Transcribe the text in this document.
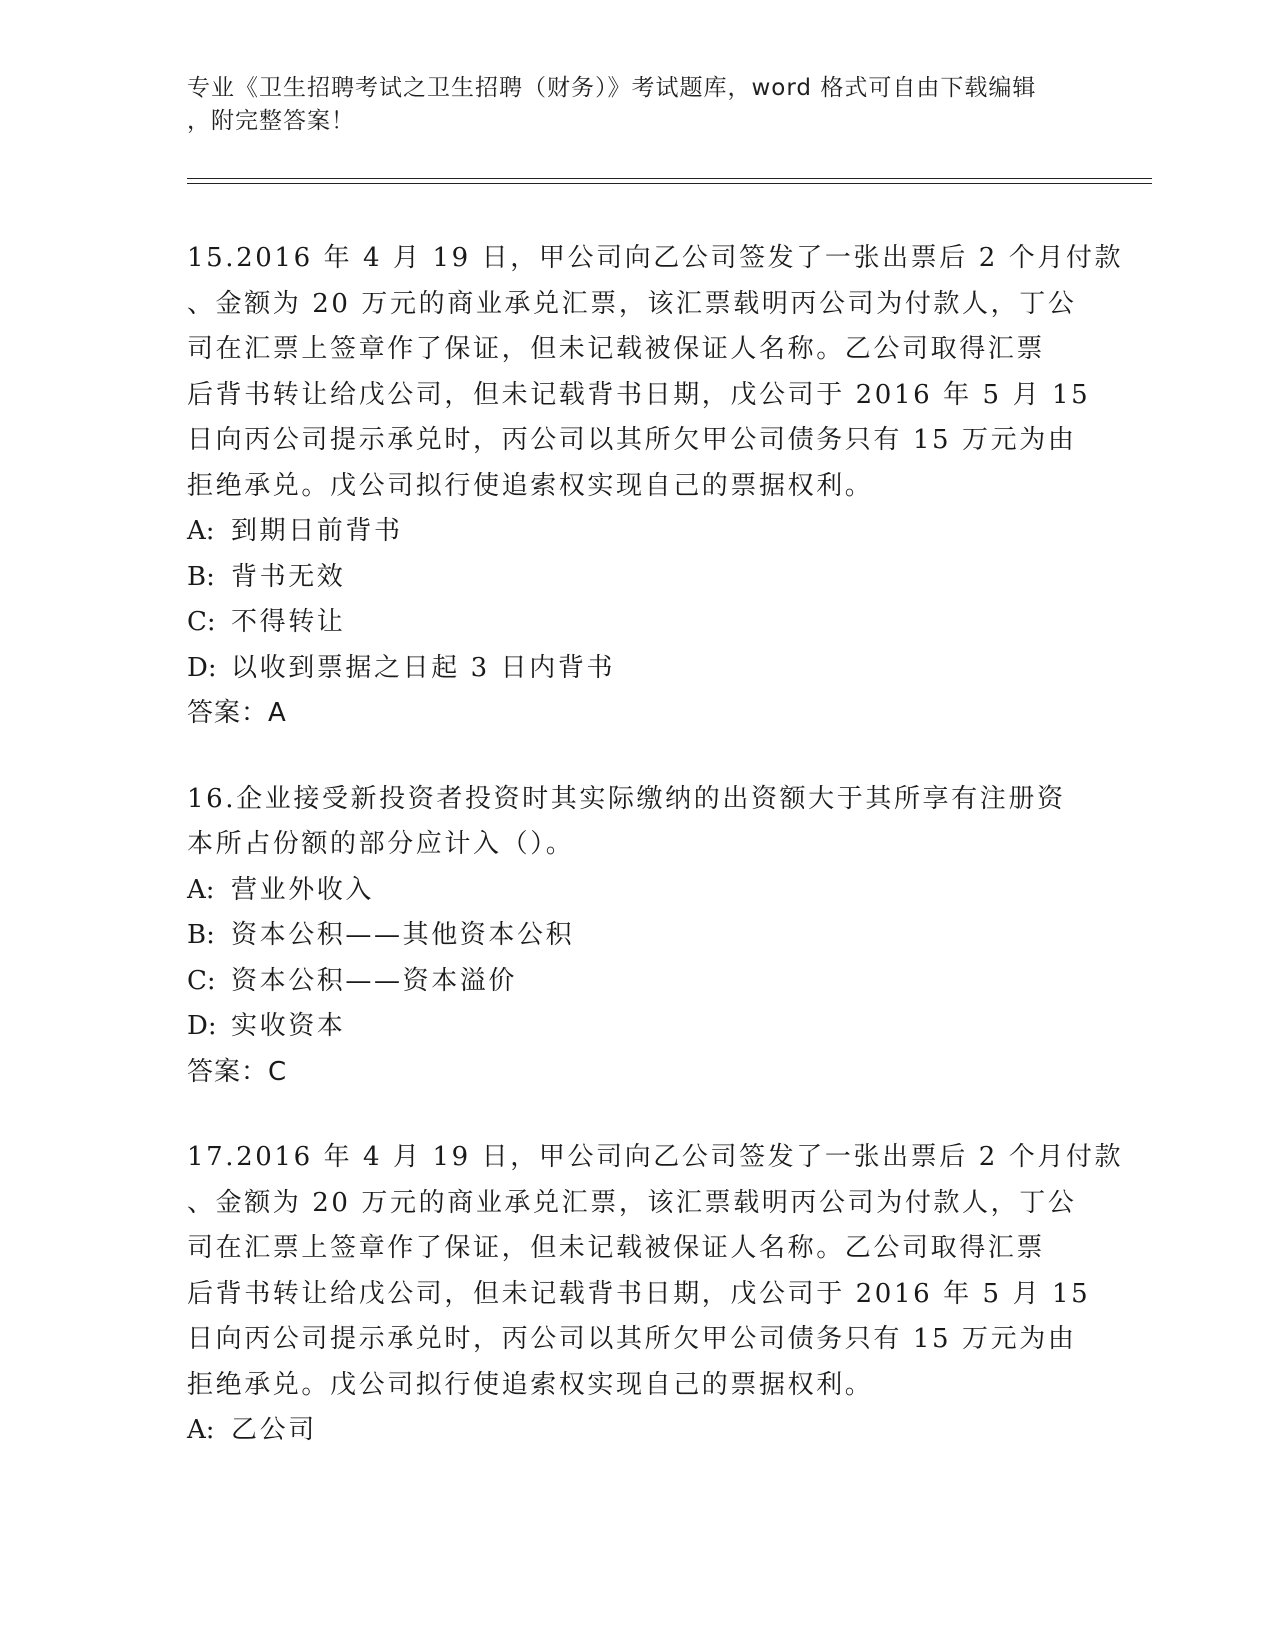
专业《卫生招聘考试之卫生招聘（财务）》考试题库，word 格式可自由下载编辑
，附完整答案！
15.2016 年 4 月 19 日，甲公司向乙公司签发了一张出票后 2 个月付款
、金额为 20 万元的商业承兑汇票，该汇票载明丙公司为付款人，丁公
司在汇票上签章作了保证，但未记载被保证人名称。乙公司取得汇票
后背书转让给戊公司，但未记载背书日期，戊公司于 2016 年 5 月 15
日向丙公司提示承兑时，丙公司以其所欠甲公司债务只有 15 万元为由
拒绝承兑。戊公司拟行使追索权实现自己的票据权利。
A: 到期日前背书
B: 背书无效
C: 不得转让
D: 以收到票据之日起 3 日内背书
答案：A
16.企业接受新投资者投资时其实际缴纳的出资额大于其所享有注册资
本所占份额的部分应计入（）。
A: 营业外收入
B: 资本公积——其他资本公积
C: 资本公积——资本溢价
D: 实收资本
答案：C
17.2016 年 4 月 19 日，甲公司向乙公司签发了一张出票后 2 个月付款
、金额为 20 万元的商业承兑汇票，该汇票载明丙公司为付款人，丁公
司在汇票上签章作了保证，但未记载被保证人名称。乙公司取得汇票
后背书转让给戊公司，但未记载背书日期，戊公司于 2016 年 5 月 15
日向丙公司提示承兑时，丙公司以其所欠甲公司债务只有 15 万元为由
拒绝承兑。戊公司拟行使追索权实现自己的票据权利。
A: 乙公司
